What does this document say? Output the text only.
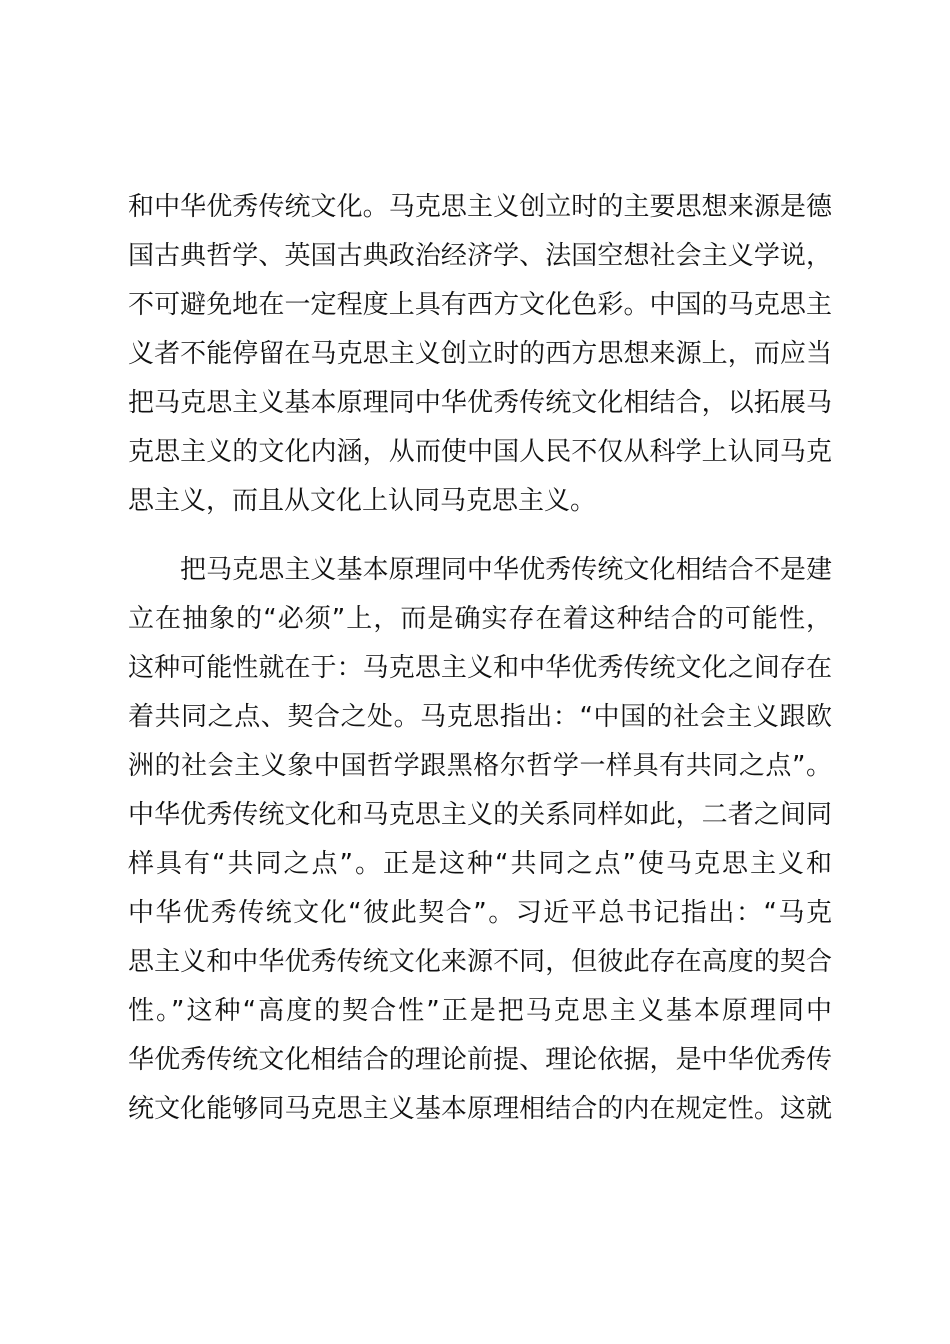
和中华优秀传统文化。马克思主义创立时的主要思想来源是德
国古典哲学、英国古典政治经济学、法国空想社会主义学说，
不可避免地在一定程度上具有西方文化色彩。中国的马克思主
义者不能停留在马克思主义创立时的西方思想来源上，而应当
把马克思主义基本原理同中华优秀传统文化相结合，以拓展马
克思主义的文化内涵，从而使中国人民不仅从科学上认同马克
思主义，而且从文化上认同马克思主义。
把马克思主义基本原理同中华优秀传统文化相结合不是建
立在抽象的“必须”上，而是确实存在着这种结合的可能性，
这种可能性就在于：马克思主义和中华优秀传统文化之间存在
着共同之点、契合之处。马克思指出：“中国的社会主义跟欧
洲的社会主义象中国哲学跟黑格尔哲学一样具有共同之点”。
中华优秀传统文化和马克思主义的关系同样如此，二者之间同
样具有“共同之点”。正是这种“共同之点”使马克思主义和
中华优秀传统文化“彼此契合”。习近平总书记指出：“马克
思主义和中华优秀传统文化来源不同，但彼此存在高度的契合
性。”这种“高度的契合性”正是把马克思主义基本原理同中
华优秀传统文化相结合的理论前提、理论依据，是中华优秀传
统文化能够同马克思主义基本原理相结合的内在规定性。这就
